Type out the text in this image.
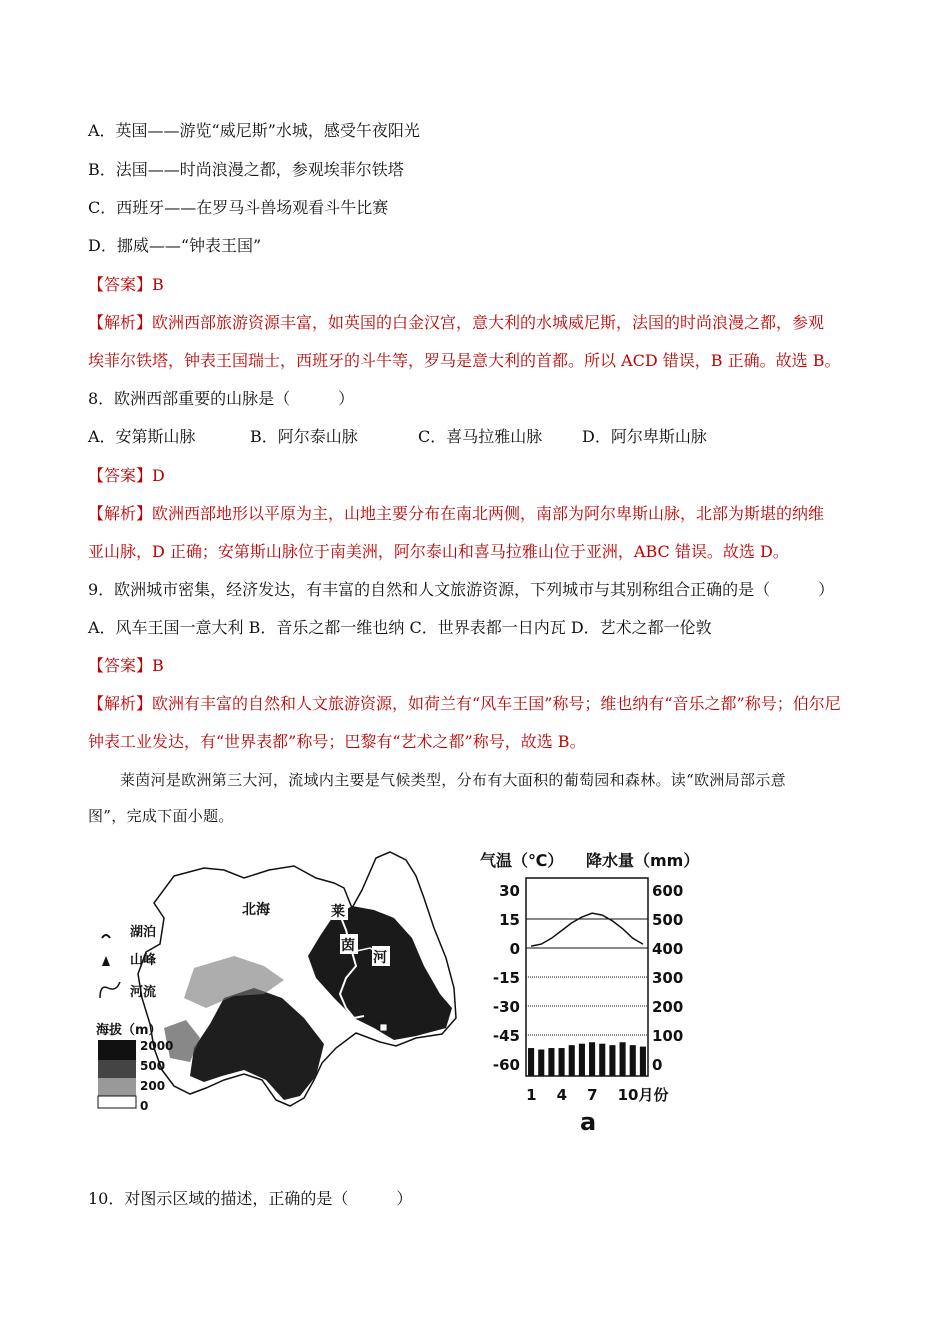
A．英国——游览“威尼斯”水城，感受午夜阳光
B．法国——时尚浪漫之都，参观埃菲尔铁塔
C．西班牙——在罗马斗兽场观看斗牛比赛
D．挪威——“钟表王国”
【答案】B
【解析】欧洲西部旅游资源丰富，如英国的白金汉宫，意大利的水城威尼斯，法国的时尚浪漫之都，参观
埃菲尔铁塔，钟表王国瑞士，西班牙的斗牛等，罗马是意大利的首都。所以 ACD 错误，B 正确。故选 B。
8．欧洲西部重要的山脉是（　　　）
A．安第斯山脉	B．阿尔泰山脉	C．喜马拉雅山脉 D．阿尔卑斯山脉
【答案】D
【解析】欧洲西部地形以平原为主，山地主要分布在南北两侧，南部为阿尔卑斯山脉，北部为斯堪的纳维
亚山脉，D 正确；安第斯山脉位于南美洲，阿尔泰山和喜马拉雅山位于亚洲，ABC 错误。故选 D。
9．欧洲城市密集，经济发达，有丰富的自然和人文旅游资源，下列城市与其别称组合正确的是（　　　）
A．风车王国一意大利 B．音乐之都一维也纳 C．世界表都一日内瓦 D．艺术之都一伦敦
【答案】B
【解析】欧洲有丰富的自然和人文旅游资源，如荷兰有“风车王国”称号；维也纳有“音乐之都”称号；伯尔尼
钟表工业发达，有“世界表都”称号；巴黎有“艺术之都”称号，故选 B。
莱茵河是欧洲第三大河，流域内主要是气候类型，分布有大面积的葡萄园和森林。读“欧洲局部示意
图”，完成下面小题。
北海	莱
茵
河
湖泊
山峰
河流
海拔（m）
2000
500
200
0
气温（℃） 降水量（mm）
30
15
0
-15
-30
-45
-60
600
500
400
300
200
100
0
1 4 7 10月份
a
10．对图示区域的描述，正确的是（　　　）
